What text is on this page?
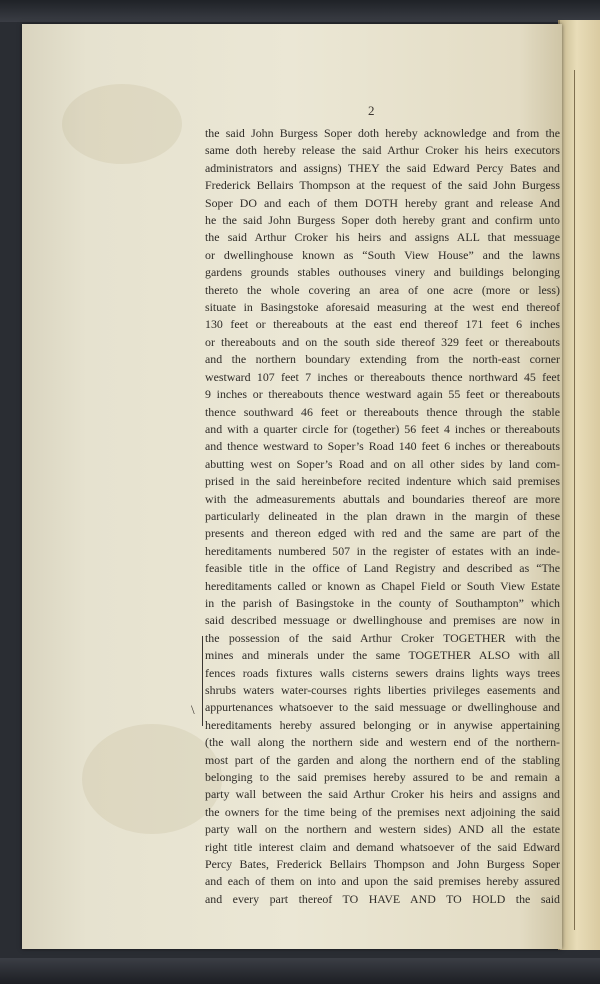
2
the said John Burgess Soper doth hereby acknowledge and from the
same doth hereby release the said Arthur Croker his heirs executors
administrators and assigns) THEY the said Edward Percy Bates and
Frederick Bellairs Thompson at the request of the said John Burgess
Soper DO and each of them DOTH hereby grant and release And
he the said John Burgess Soper doth hereby grant and confirm unto
the said Arthur Croker his heirs and assigns ALL that messuage
or dwellinghouse known as “South View House” and the lawns
gardens grounds stables outhouses vinery and buildings belonging
thereto the whole covering an area of one acre (more or less)
situate in Basingstoke aforesaid measuring at the west end thereof
130 feet or thereabouts at the east end thereof 171 feet 6 inches
or thereabouts and on the south side thereof 329 feet or thereabouts
and the northern boundary extending from the north-east corner
westward 107 feet 7 inches or thereabouts thence northward 45 feet
9 inches or thereabouts thence westward again 55 feet or thereabouts
thence southward 46 feet or thereabouts thence through the stable
and with a quarter circle for (together) 56 feet 4 inches or thereabouts
and thence westward to Soper’s Road 140 feet 6 inches or thereabouts
abutting west on Soper’s Road and on all other sides by land com-
prised in the said hereinbefore recited indenture which said premises
with the admeasurements abuttals and boundaries thereof are more
particularly delineated in the plan drawn in the margin of these
presents and thereon edged with red and the same are part of the
hereditaments numbered 507 in the register of estates with an inde-
feasible title in the office of Land Registry and described as “The
hereditaments called or known as Chapel Field or South View Estate
in the parish of Basingstoke in the county of Southampton” which
said described messuage or dwellinghouse and premises are now in
the possession of the said Arthur Croker TOGETHER with the
mines and minerals under the same TOGETHER ALSO with all
fences roads fixtures walls cisterns sewers drains lights ways trees
shrubs waters water-courses rights liberties privileges easements and
appurtenances whatsoever to the said messuage or dwellinghouse and
hereditaments hereby assured belonging or in anywise appertaining
(the wall along the northern side and western end of the northern-
most part of the garden and along the northern end of the stabling
belonging to the said premises hereby assured to be and remain a
party wall between the said Arthur Croker his heirs and assigns and
the owners for the time being of the premises next adjoining the said
party wall on the northern and western sides) AND all the estate
right title interest claim and demand whatsoever of the said Edward
Percy Bates, Frederick Bellairs Thompson and John Burgess Soper
and each of them on into and upon the said premises hereby assured
and every part thereof TO HAVE AND TO HOLD the said
\
